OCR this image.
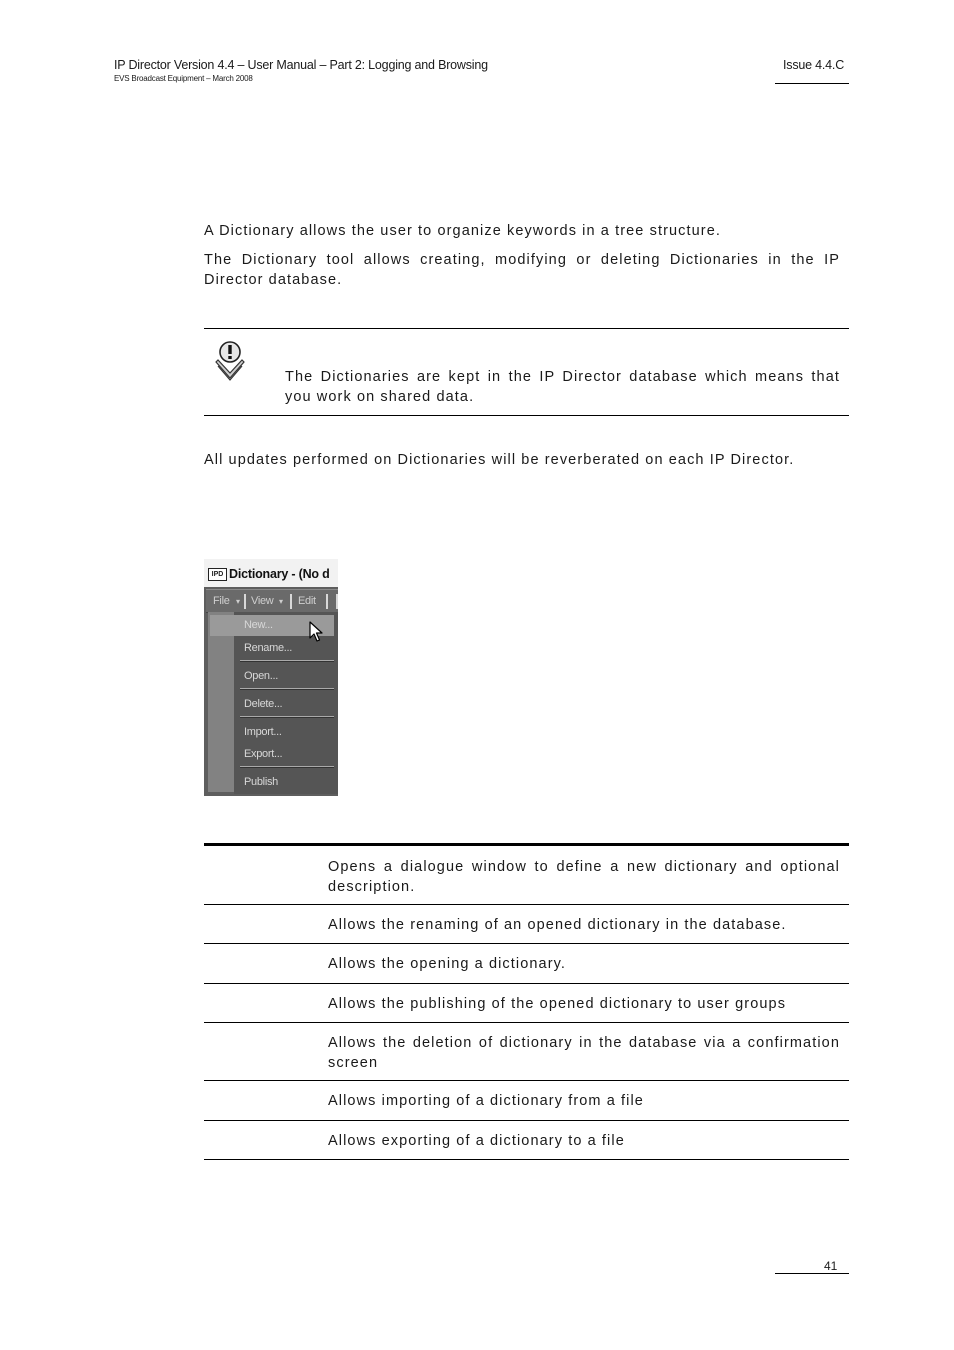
IP Director Version 4.4 – User Manual – Part 2: Logging and Browsing
EVS Broadcast Equipment – March 2008
Issue 4.4.C
A Dictionary allows the user to organize keywords in a tree structure.
The Dictionary tool allows creating, modifying or deleting Dictionaries in the IP Director database.
The Dictionaries are kept in the IP Director database which means that you work on shared data.
All updates performed on Dictionaries will be reverberated on each IP Director.
IPD Dictionary - (No d
File ▾ View ▾ Edit
New...
Rename...
Open...
Delete...
Import...
Export...
Publish
Opens a dialogue window to define a new dictionary and optional description.
Allows the renaming of an opened dictionary in the database.
Allows the opening a dictionary.
Allows the publishing of the opened dictionary to user groups
Allows the deletion of dictionary in the database via a confirmation screen
Allows importing of a dictionary from a file
Allows exporting of a dictionary to a file
41
